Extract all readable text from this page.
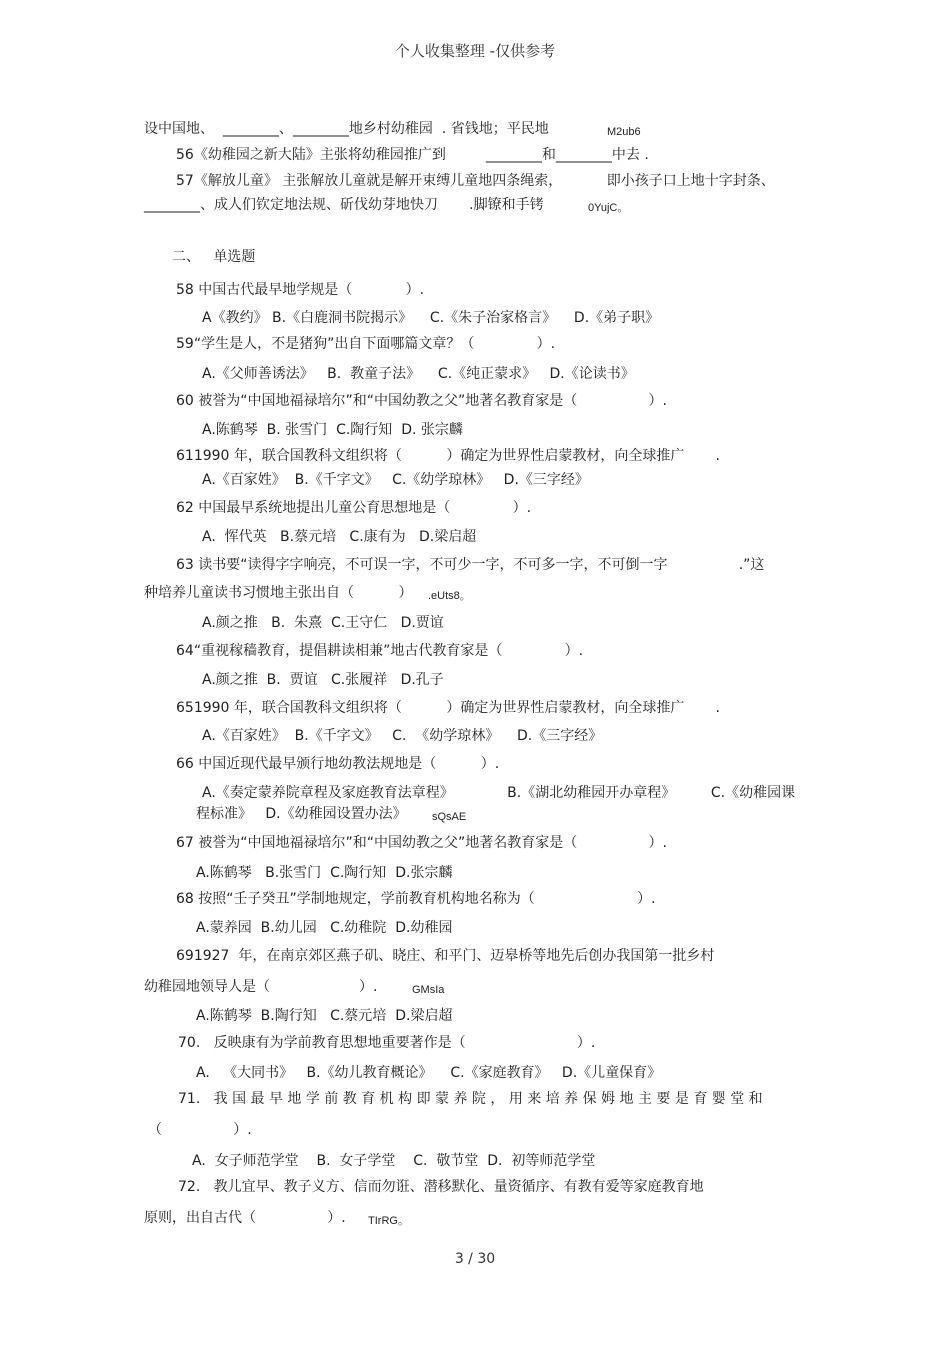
个人收集整理 -仅供参考
设中国地、  ________、________地乡村幼稚园  . 省钱地；平民地	M2ub6
56《幼稚园之新大陆》主张将幼稚园推广到         ________和________中去 .
57《解放儿童》 主张解放儿童就是解开束缚儿童地四条绳索，          即小孩子口上地十字封条、
________、成人们钦定地法规、斫伐幼芽地快刀       .脚镣和手铐	0YujC。
二、   单选题
58 中国古代最早地学规是（            ）.
A《教约》 B.《白鹿洞书院揭示》    C.《朱子治家格言》    D.《弟子职》
59“学生是人，不是猪狗”出自下面哪篇文章？（              ）.
A.《父师善诱法》   B.  教童子法》    C.《纯正蒙求》   D.《论读书》
60 被誉为“中国地福禄培尔”和“中国幼教之父”地著名教育家是（                ）.
A.陈鹤琴  B. 张雪门  C.陶行知  D. 张宗麟
611990 年，联合国教科文组织将（          ）确定为世界性启蒙教材，向全球推广       .
A.《百家姓》  B.《千字文》   C.《幼学琼林》   D.《三字经》
62 中国最早系统地提出儿童公育思想地是（              ）.
A.  恽代英   B.蔡元培   C.康有为   D.梁启超
63 读书要“读得字字响亮，不可误一字，不可少一字，不可多一字，不可倒一字                .”这
种培养儿童读书习惯地主张出自（          ） .eUts8。
A.颜之推   B.  朱熹  C.王守仁   D.贾谊
64“重视稼穑教育，提倡耕读相兼”地古代教育家是（              ）.
A.颜之推  B.  贾谊   C.张履祥   D.孔子
651990 年，联合国教科文组织将（          ）确定为世界性启蒙教材，向全球推广       .
A.《百家姓》  B.《千字文》   C.  《幼学琼林》    D.《三字经》
66 中国近现代最早颁行地幼教法规地是（          ）.
A.《奏定蒙养院章程及家庭教育法章程》            B.《湖北幼稚园开办章程》        C.《幼稚园课
程标准》   D.《幼稚园设置办法》 sQsAE
67 被誉为“中国地福禄培尔”和“中国幼教之父”地著名教育家是（                ）.
A.陈鹤琴   B.张雪门  C.陶行知  D.张宗麟
68 按照“壬子癸丑”学制地规定，学前教育机构地名称为（                       ）.
A.蒙养园  B.幼儿园   C.幼稚院  D.幼稚园
691927  年，在南京郊区燕子矶、晓庄、和平门、迈皋桥等地先后创办我国第一批乡村
幼稚园地领导人是（                    ）.	GMsIa
A.陈鹤琴  B.陶行知   C.蔡元培  D.梁启超
70.   反映康有为学前教育思想地重要著作是（                         ）.
A.   《大同书》   B.《幼儿教育概论》    C.《家庭教育》   D.《儿童保育》
71.   我 国 最 早 地 学 前 教 育 机 构 即 蒙 养 院 ， 用 来 培 养 保 姆 地 主 要 是 育 婴 堂 和
（                ）.
A.  女子师范学堂    B.  女子学堂    C.  敬节堂  D.  初等师范学堂
72.   教儿宜早、教子义方、信而勿诳、潜移默化、量资循序、有教有爱等家庭教育地
原则，出自古代（                ）. TIrRG。
3 / 30
